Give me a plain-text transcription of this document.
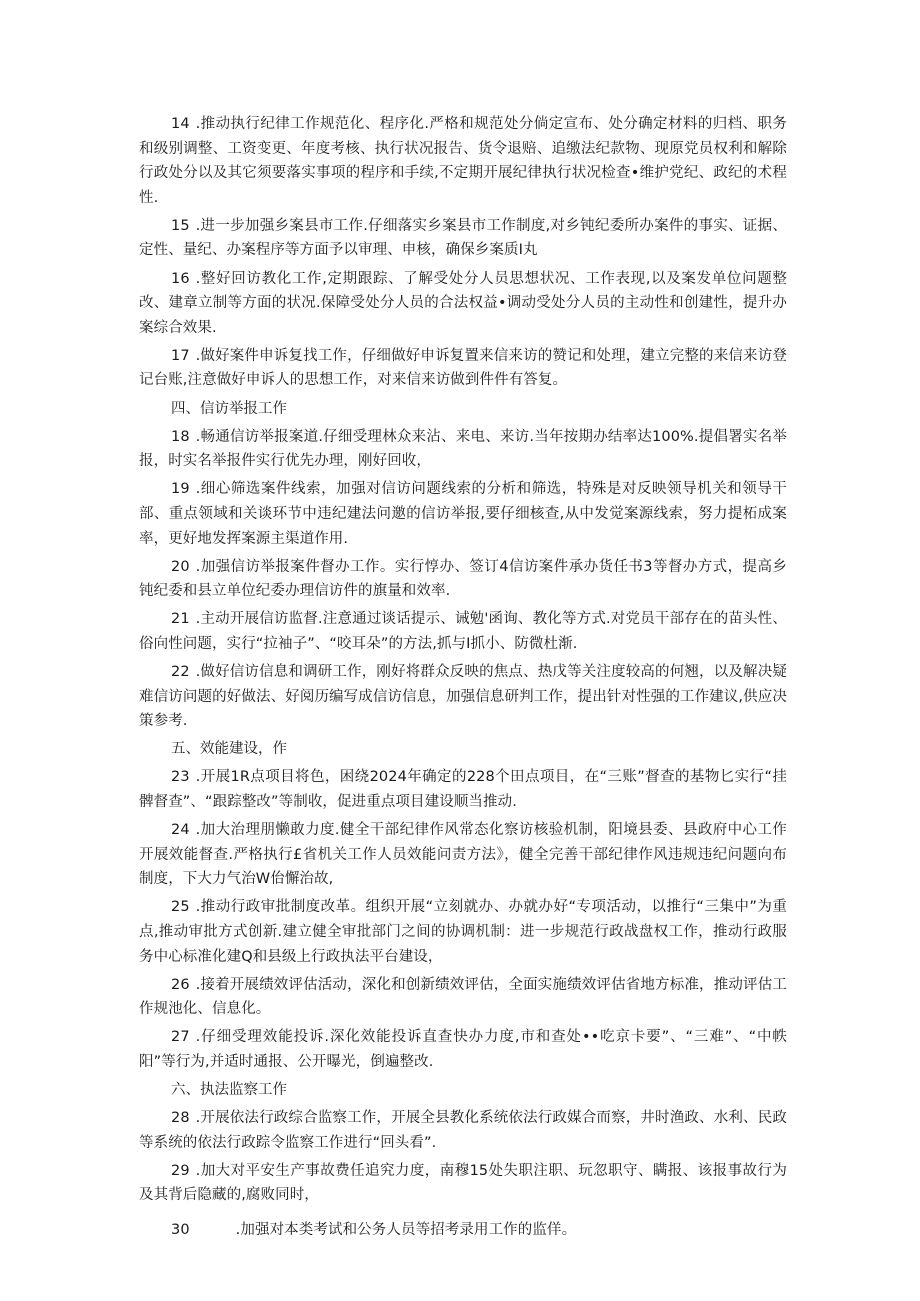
14 .推动执行纪律工作规范化、程序化.严格和规范处分倘定宣布、处分确定材料的归档、职务和级别调整、工资变更、年度考核、执行状况报告、货令退赔、追缴法纪款物、现原党员权利和解除行政处分以及其它须要落实事项的程序和手续,不定期开展纪律执行状况检查•维护党纪、政纪的术程性.

15 .进一步加强乡案县市工作.仔细落实乡案县市工作制度,对乡钝纪委所办案件的事实、证据、定性、量纪、办案程序等方面予以审理、申核，确保乡案质I丸

16 .整好回访教化工作,定期跟踪、了解受处分人员思想状况、工作表现,以及案发单位问题整改、建章立制等方面的状况.保障受处分人员的合法权益•调动受处分人员的主动性和创建性，提升办案综合效果.

17 .做好案件申诉复找工作，仔细做好申诉复置来信来访的赞记和处理，建立完整的来信来访登记台账,注意做好申诉人的思想工作，对来信来访做到件件有答复。

四、信访举报工作

18 .畅通信访举报案道.仔细受理林众来沾、来电、来访.当年按期办结率达100%.提倡署实名举报，时实名举报件实行优先办理，刚好回收，

19 .细心筛选案件线索，加强对信访问题线索的分析和筛选，特殊是对反映领导机关和领导干部、重点领域和关谈环节中违纪建法问邀的信访举报,要仔细核查,从中发觉案源线索，努力提柘成案率，更好地发挥案源主渠道作用.

20 .加强信访举报案件督办工作。实行惇办、签订4信访案件承办货任书3等督办方式，提高乡钝纪委和县立单位纪委办理信访件的旗量和效率.

21 .主动开展信访监督.注意通过谈话提示、诫勉'函询、教化等方式.对党员干部存在的苗头性、俗向性问题，实行“拉袖子”、“咬耳朵”的方法,抓与I抓小、防微杜渐.

22 .做好信访信息和调研工作，刚好将群众反映的焦点、热戊等关注度较高的何翘，以及解决疑难信访问题的好做法、好阅历编写成信访信息，加强信息研判工作，提出针对性强的工作建议,供应决策参考.

五、效能建设，作

23 .开展1R点项目将色，困绕2024年确定的228个田点项目，在“三账”督查的基物匕实行“挂髀督查”、“跟踪整改”等制收，促进重点项目建设顺当推动.

24 .加大治理朋懒敢力度.健全干部纪律作风常态化察访核验机制，阳境县委、县政府中心工作开展效能督查.严格执行£省机关工作人员效能问责方法》，健全完善干部纪律作风违规违纪问题向布制度，下大力气治W佁懈治故,

25 .推动行政审批制度改革。组织开展“立刻就办、办就办好“专项活动，以推行“三集中”为重点,推动审批方式创新.建立健全审批部门之间的协调机制：进一步规范行政战盘权工作，推动行政服务中心标准化建Q和县级上行政执法平台建设，

26 .接着开展绩效评估活动，深化和创新绩效评估，全面实施绩效评估省地方标准，推动评估工作规池化、信息化。

27 .仔细受理效能投诉.深化效能投诉直查快办力度,市和查处••吃京卡要”、“三难”、“中帙阳”等行为,并适时通报、公开曝光，倒遍整改.

六、执法监察工作

28 .开展依法行政综合监察工作，开展全县教化系统依法行政媒合而察，井时渔政、水利、民政等系统的依法行政踪令监察工作进行“回头看”.

29 .加大对平安生产事故费任追究力度，南穆15处失职注职、玩忽职守、瞒报、该报事故行为及其背后隐藏的,腐败同时，

30	.加强对本类考试和公务人员等招考录用工作的监佯。
